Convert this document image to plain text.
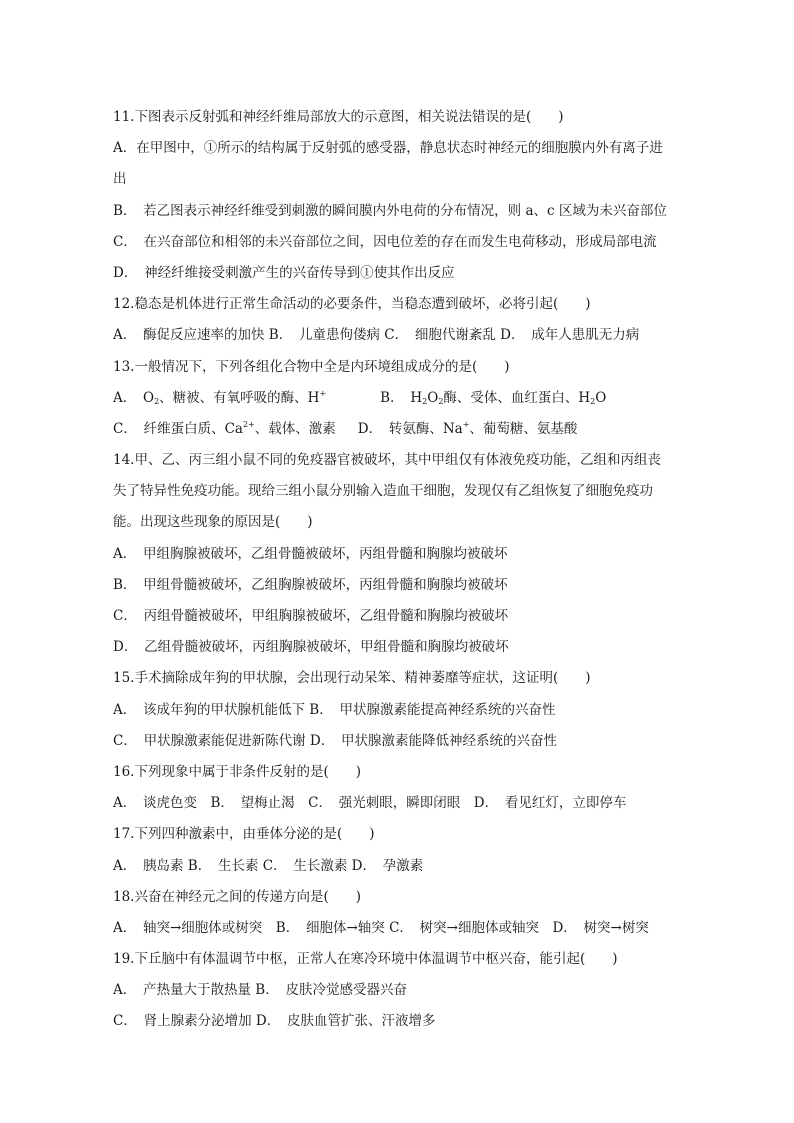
11.下图表示反射弧和神经纤维局部放大的示意图，相关说法错误的是(　　)
A．在甲图中，①所示的结构属于反射弧的感受器，静息状态时神经元的细胞膜内外有离子进
出
B．　若乙图表示神经纤维受到刺激的瞬间膜内外电荷的分布情况，则 a、c 区域为未兴奋部位
C．　在兴奋部位和相邻的未兴奋部位之间，因电位差的存在而发生电荷移动，形成局部电流
D．　神经纤维接受刺激产生的兴奋传导到①使其作出反应
12.稳态是机体进行正常生命活动的必要条件，当稳态遭到破坏，必将引起(　　)
A．　酶促反应速率的加快 B．　儿童患佝偻病 C．　细胞代谢紊乱 D．　成年人患肌无力病
13.一般情况下，下列各组化合物中全是内环境组成成分的是(　　)
A．　$O_2$、糖被、有氧呼吸的酶、H+	B．　$H_2O_2$酶、受体、血红蛋白、$H_2O$
C．　纤维蛋白质、$Ca^{2+}$、载体、激素 D．　转氨酶、Na+、葡萄糖、氨基酸
14.甲、乙、丙三组小鼠不同的免疫器官被破坏，其中甲组仅有体液免疫功能，乙组和丙组丧
失了特异性免疫功能。现给三组小鼠分别输入造血干细胞，发现仅有乙组恢复了细胞免疫功
能。出现这些现象的原因是(　　)
A．　甲组胸腺被破坏，乙组骨髓被破坏，丙组骨髓和胸腺均被破坏
B．　甲组骨髓被破坏，乙组胸腺被破坏，丙组骨髓和胸腺均被破坏
C．　丙组骨髓被破坏，甲组胸腺被破坏，乙组骨髓和胸腺均被破坏
D．　乙组骨髓被破坏，丙组胸腺被破坏，甲组骨髓和胸腺均被破坏
15.手术摘除成年狗的甲状腺，会出现行动呆笨、精神萎靡等症状，这证明(　　)
A．　该成年狗的甲状腺机能低下 B．　甲状腺激素能提高神经系统的兴奋性
C．　甲状腺激素能促进新陈代谢 D．　甲状腺激素能降低神经系统的兴奋性
16.下列现象中属于非条件反射的是(　　)
A．　谈虎色变　B．　望梅止渴　C．　强光刺眼，瞬即闭眼　D．　看见红灯，立即停车
17.下列四种激素中，由垂体分泌的是(　　)
A．　胰岛素 B．　生长素 C．　生长激素 D．　孕激素
18.兴奋在神经元之间的传递方向是(　　)
A．　轴突→细胞体或树突　B．　细胞体→轴突 C．　树突→细胞体或轴突　D．　树突→树突
19.下丘脑中有体温调节中枢，正常人在寒冷环境中体温调节中枢兴奋，能引起(　　)
A．　产热量大于散热量 B．　皮肤冷觉感受器兴奋
C．　肾上腺素分泌增加 D．　皮肤血管扩张、汗液增多
